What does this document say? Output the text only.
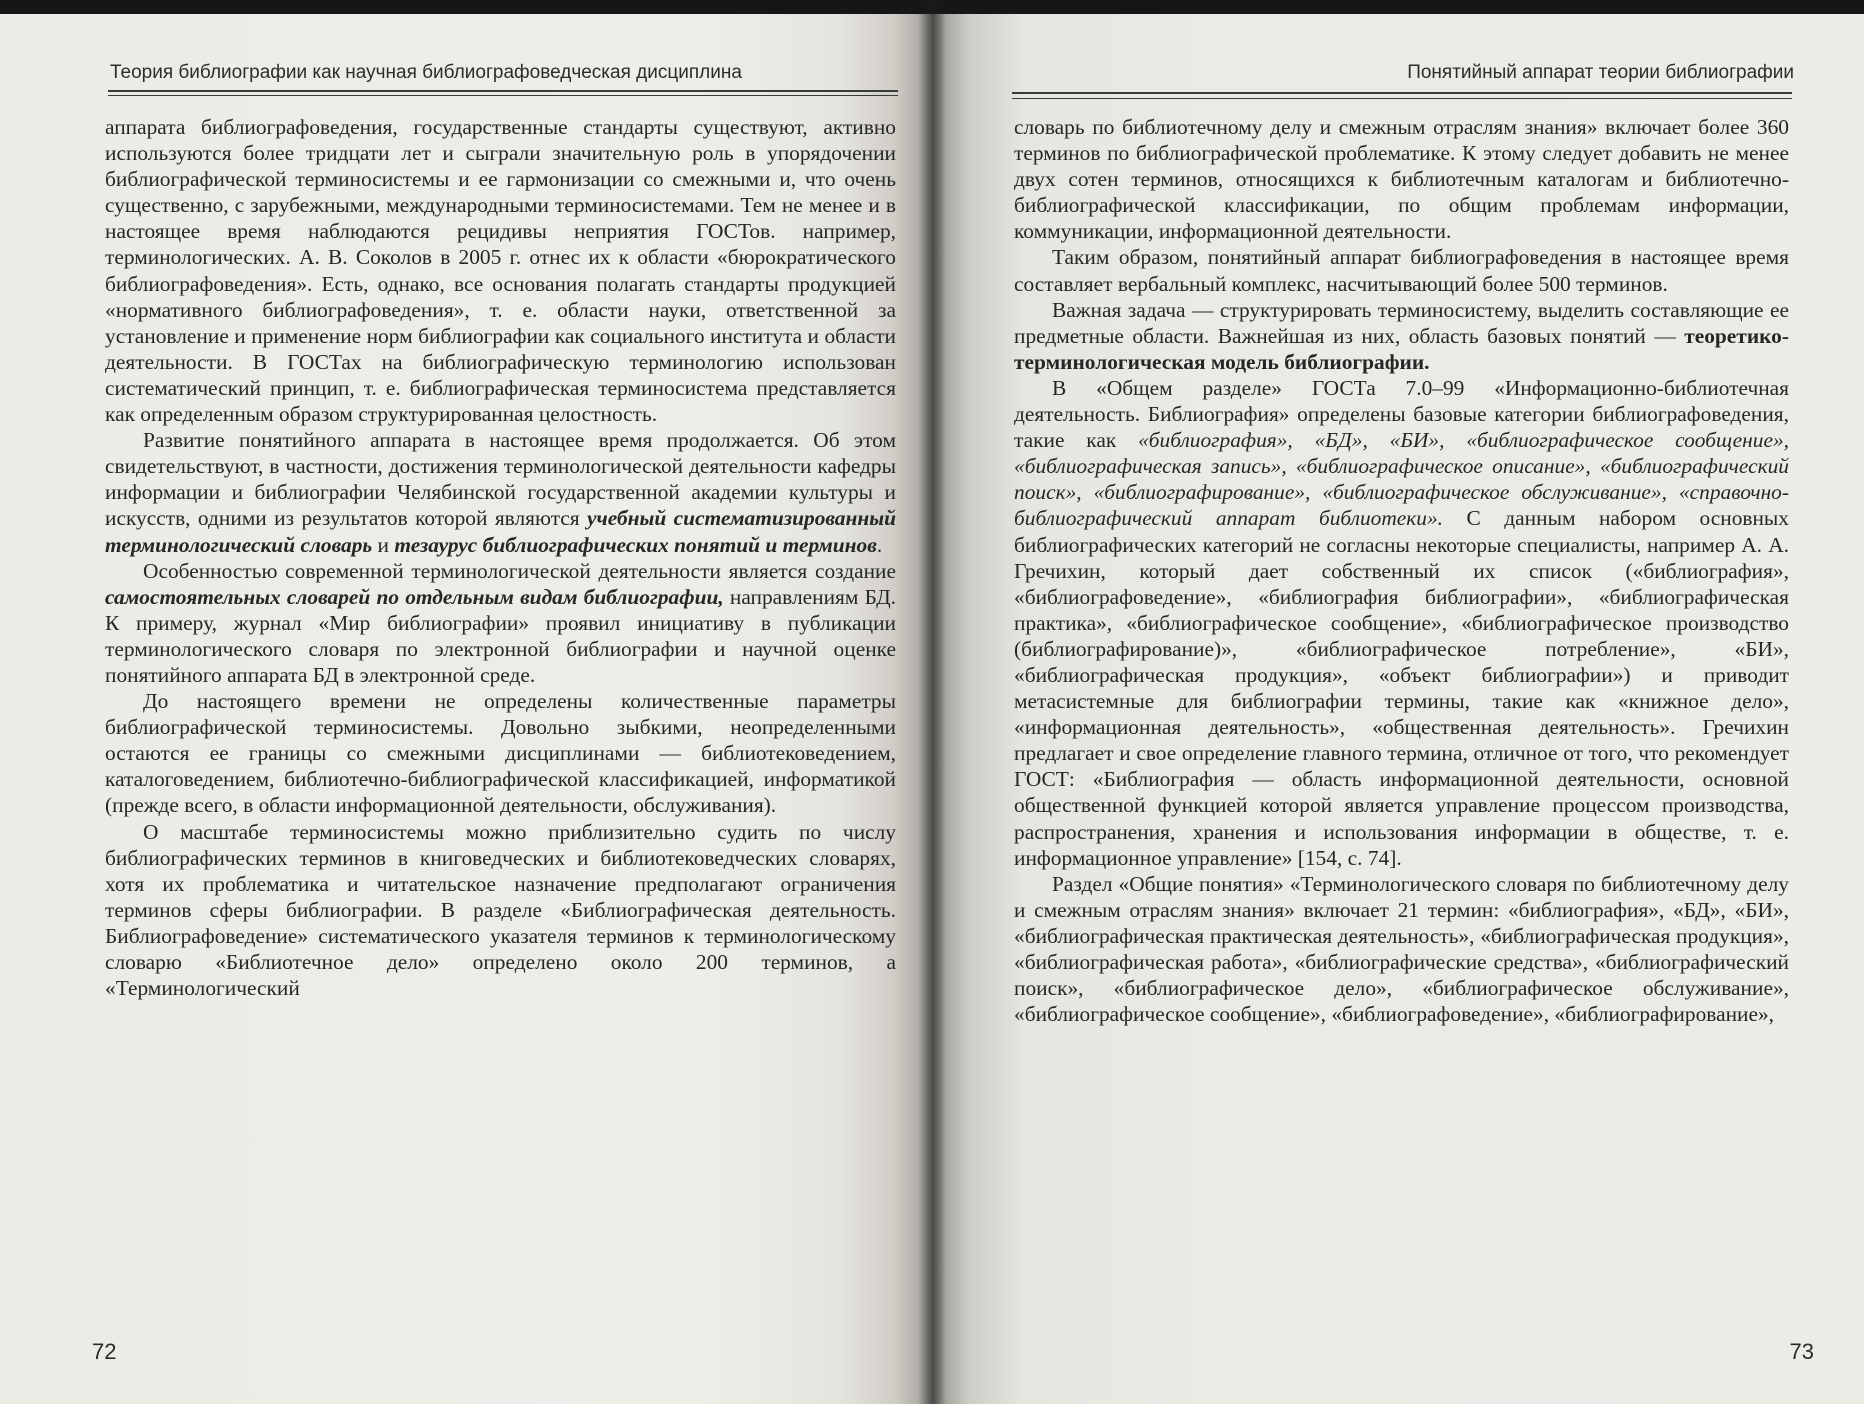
Теория библиографии как научная библиографоведческая дисциплина

аппарата библиографоведения, государственные стандарты существуют, активно используются более тридцати лет и сыграли значительную роль в упорядочении библиографической терминосистемы и ее гармонизации со смежными и, что очень существенно, с зарубежными, международными терминосистемами. Тем не менее и в настоящее время наблюдаются рецидивы неприятия ГОСТов. например, терминологических. А. В. Соколов в 2005 г. отнес их к области «бюрократического библиографоведения». Есть, однако, все основания полагать стандарты продукцией «нормативного библиографоведения», т. е. области науки, ответственной за установление и применение норм библиографии как социального института и области деятельности. В ГОСТах на библиографическую терминологию использован систематический принцип, т. е. библиографическая терминосистема представляется как определенным образом структурированная целостность.

Развитие понятийного аппарата в настоящее время продолжается. Об этом свидетельствуют, в частности, достижения терминологической деятельности кафедры информации и библиографии Челябинской государственной академии культуры и искусств, одними из результатов которой являются учебный систематизированный терминологический словарь и тезаурус библиографических понятий и терминов.

Особенностью современной терминологической деятельности является создание самостоятельных словарей по отдельным видам библиографии, направлениям БД. К примеру, журнал «Мир библиографии» проявил инициативу в публикации терминологического словаря по электронной библиографии и научной оценке понятийного аппарата БД в электронной среде.

До настоящего времени не определены количественные параметры библиографической терминосистемы. Довольно зыбкими, неопределенными остаются ее границы со смежными дисциплинами — библиотековедением, каталоговедением, библиотечно-библиографической классификацией, информатикой (прежде всего, в области информационной деятельности, обслуживания).

О масштабе терминосистемы можно приблизительно судить по числу библиографических терминов в книговедческих и библиотековедческих словарях, хотя их проблематика и читательское назначение предполагают ограничения терминов сферы библиографии. В разделе «Библиографическая деятельность. Библиографоведение» систематического указателя терминов к терминологическому словарю «Библиотечное дело» определено около 200 терминов, а «Терминологический

72
Понятийный аппарат теории библиографии

словарь по библиотечному делу и смежным отраслям знания» включает более 360 терминов по библиографической проблематике. К этому следует добавить не менее двух сотен терминов, относящихся к библиотечным каталогам и библиотечно-библиографической классификации, по общим проблемам информации, коммуникации, информационной деятельности.

Таким образом, понятийный аппарат библиографоведения в настоящее время составляет вербальный комплекс, насчитывающий более 500 терминов.

Важная задача — структурировать терминосистему, выделить составляющие ее предметные области. Важнейшая из них, область базовых понятий — теоретико-терминологическая модель библиографии.

В «Общем разделе» ГОСТа 7.0–99 «Информационно-библиотечная деятельность. Библиография» определены базовые категории библиографоведения, такие как «библиография», «БД», «БИ», «библиографическое сообщение», «библиографическая запись», «библиографическое описание», «библиографический поиск», «библиографирование», «библиографическое обслуживание», «справочно-библиографический аппарат библиотеки». С данным набором основных библиографических категорий не согласны некоторые специалисты, например А. А. Гречихин, который дает собственный их список («библиография», «библиографоведение», «библиография библиографии», «библиографическая практика», «библиографическое сообщение», «библиографическое производство (библиографирование)», «библиографическое потребление», «БИ», «библиографическая продукция», «объект библиографии») и приводит метасистемные для библиографии термины, такие как «книжное дело», «информационная деятельность», «общественная деятельность». Гречихин предлагает и свое определение главного термина, отличное от того, что рекомендует ГОСТ: «Библиография — область информационной деятельности, основной общественной функцией которой является управление процессом производства, распространения, хранения и использования информации в обществе, т. е. информационное управление» [154, с. 74].

Раздел «Общие понятия» «Терминологического словаря по библиотечному делу и смежным отраслям знания» включает 21 термин: «библиография», «БД», «БИ», «библиографическая практическая деятельность», «библиографическая продукция», «библиографическая работа», «библиографические средства», «библиографический поиск», «библиографическое дело», «библиографическое обслуживание», «библиографическое сообщение», «библиографоведение», «библиографирование»,

73
